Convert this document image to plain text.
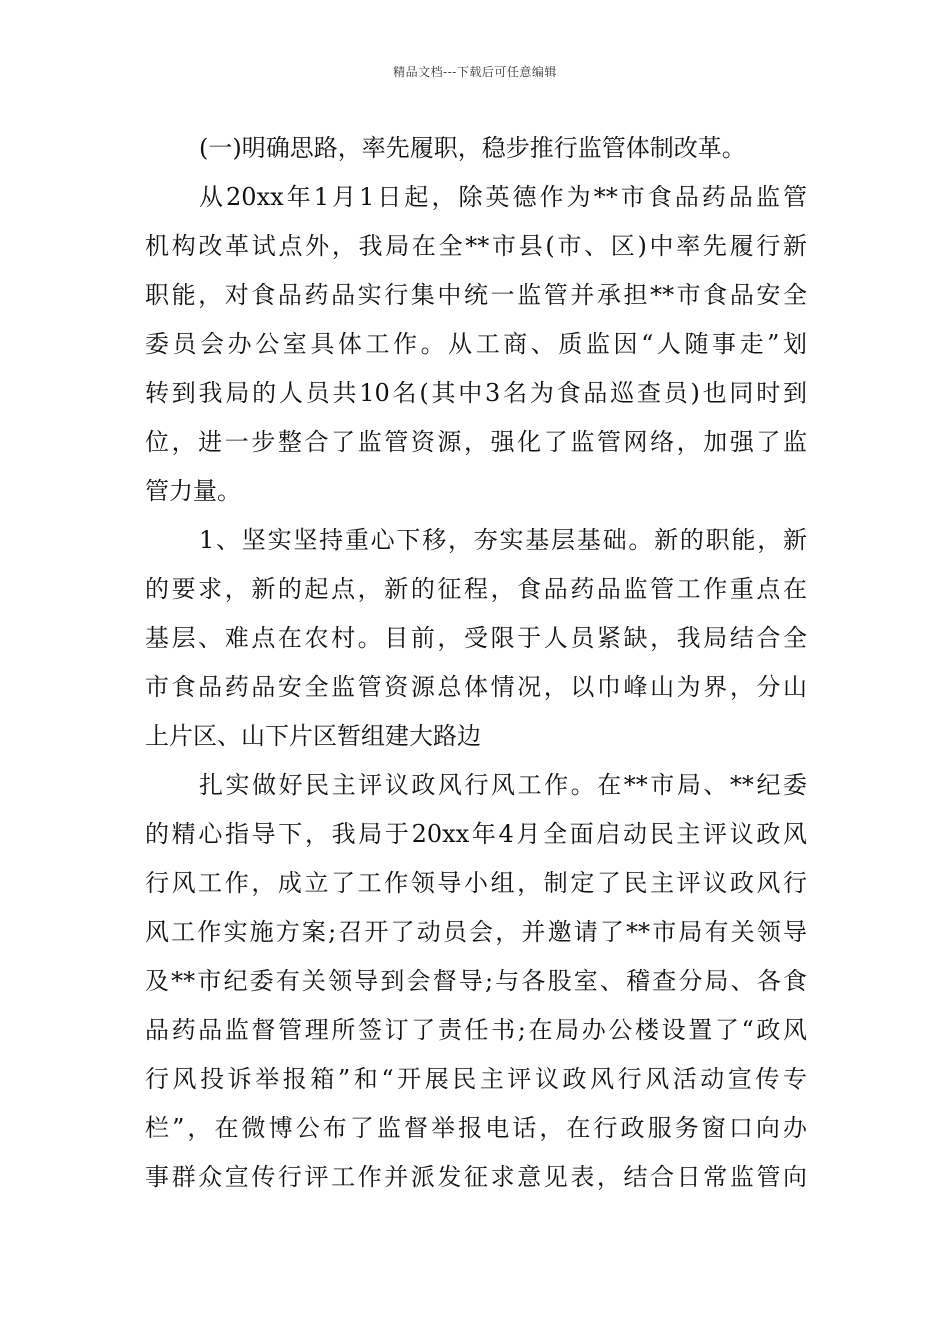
精品文档---下载后可任意编辑
(一)明确思路，率先履职，稳步推行监管体制改革。
从20xx年1月1日起，除英德作为**市食品药品监管
机构改革试点外，我局在全**市县(市、区)中率先履行新
职能，对食品药品实行集中统一监管并承担**市食品安全
委员会办公室具体工作。从工商、质监因“人随事走”划
转到我局的人员共10名(其中3名为食品巡查员)也同时到
位，进一步整合了监管资源，强化了监管网络，加强了监
管力量。
1、坚实坚持重心下移，夯实基层基础。新的职能，新
的要求，新的起点，新的征程，食品药品监管工作重点在
基层、难点在农村。目前，受限于人员紧缺，我局结合全
市食品药品安全监管资源总体情况，以巾峰山为界，分山
上片区、山下片区暂组建大路边
扎实做好民主评议政风行风工作。在**市局、**纪委
的精心指导下，我局于20xx年4月全面启动民主评议政风
行风工作，成立了工作领导小组，制定了民主评议政风行
风工作实施方案;召开了动员会，并邀请了**市局有关领导
及**市纪委有关领导到会督导;与各股室、稽查分局、各食
品药品监督管理所签订了责任书;在局办公楼设置了“政风
行风投诉举报箱”和“开展民主评议政风行风活动宣传专
栏”，在微博公布了监督举报电话，在行政服务窗口向办
事群众宣传行评工作并派发征求意见表，结合日常监管向
